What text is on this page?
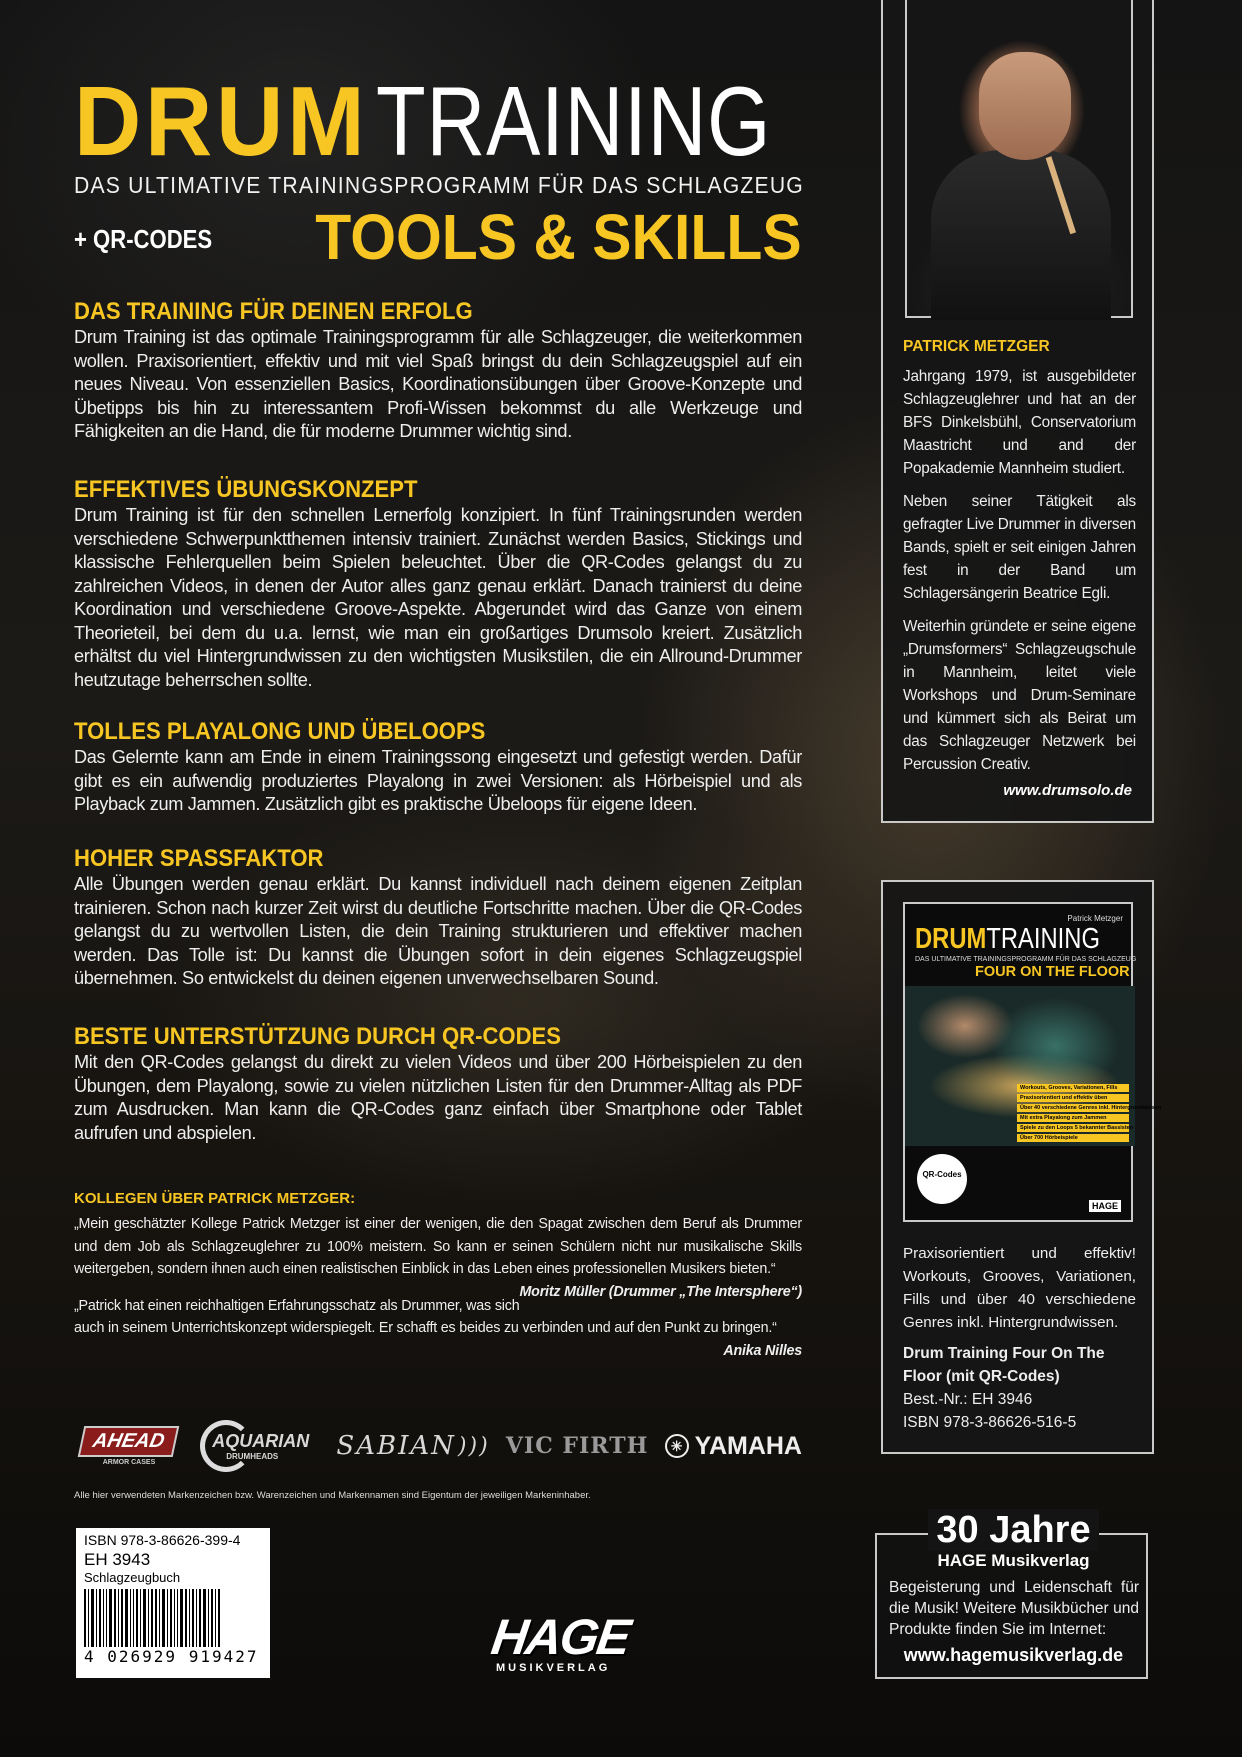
DRUMTRAINING
DAS ULTIMATIVE TRAININGSPROGRAMM FÜR DAS SCHLAGZEUG
+ QR-CODES TOOLS & SKILLS
DAS TRAINING FÜR DEINEN ERFOLG

Drum Training ist das optimale Trainingsprogramm für alle Schlagzeuger, die weiterkommen wollen. Praxisorientiert, effektiv und mit viel Spaß bringst du dein Schlagzeugspiel auf ein neues Niveau. Von essenziellen Basics, Koordinationsübungen über Groove-Konzepte und Übetipps bis hin zu interessantem Profi-Wissen bekommst du alle Werkzeuge und Fähigkeiten an die Hand, die für moderne Drummer wichtig sind.

EFFEKTIVES ÜBUNGSKONZEPT

Drum Training ist für den schnellen Lernerfolg konzipiert. In fünf Trainingsrunden werden verschiedene Schwerpunktthemen intensiv trainiert. Zunächst werden Basics, Stickings und klassische Fehlerquellen beim Spielen beleuchtet. Über die QR-Codes gelangst du zu zahlreichen Videos, in denen der Autor alles ganz genau erklärt. Danach trainierst du deine Koordination und verschiedene Groove-Aspekte. Abgerundet wird das Ganze von einem Theorieteil, bei dem du u.a. lernst, wie man ein großartiges Drumsolo kreiert. Zusätzlich erhältst du viel Hintergrundwissen zu den wichtigsten Musikstilen, die ein Allround-Drummer heutzutage beherrschen sollte.

TOLLES PLAYALONG UND ÜBELOOPS

Das Gelernte kann am Ende in einem Trainingssong eingesetzt und gefestigt werden. Dafür gibt es ein aufwendig produziertes Playalong in zwei Versionen: als Hörbeispiel und als Playback zum Jammen. Zusätzlich gibt es praktische Übeloops für eigene Ideen.

HOHER SPASSFAKTOR

Alle Übungen werden genau erklärt. Du kannst individuell nach deinem eigenen Zeitplan trainieren. Schon nach kurzer Zeit wirst du deutliche Fortschritte machen. Über die QR-Codes gelangst du zu wertvollen Listen, die dein Training strukturieren und effektiver machen werden. Das Tolle ist: Du kannst die Übungen sofort in dein eigenes Schlagzeugspiel übernehmen. So entwickelst du deinen eigenen unverwechselbaren Sound.

BESTE UNTERSTÜTZUNG DURCH QR-CODES

Mit den QR-Codes gelangst du direkt zu vielen Videos und über 200 Hörbeispielen zu den Übungen, dem Playalong, sowie zu vielen nützlichen Listen für den Drummer-Alltag als PDF zum Ausdrucken. Man kann die QR-Codes ganz einfach über Smartphone oder Tablet aufrufen und abspielen.

KOLLEGEN ÜBER PATRICK METZGER:
„Mein geschätzter Kollege Patrick Metzger ist einer der wenigen, die den Spagat zwischen dem Beruf als Drummer und dem Job als Schlagzeuglehrer zu 100% meistern. So kann er seinen Schülern nicht nur musikalische Skills weitergeben, sondern ihnen auch einen realistischen Einblick in das Leben eines professionellen Musikers bieten.“
Moritz Müller (Drummer „The Intersphere“)
„Patrick hat einen reichhaltigen Erfahrungsschatz als Drummer, was sich auch in seinem Unterrichtskonzept widerspiegelt. Er schafft es beides zu verbinden und auf den Punkt zu bringen.“
Anika Nilles
AHEAD
ARMOR CASES
AQUARIAN
DRUMHEADS SABIAN ))) VIC FIRTH	✳ YAMAHA
Alle hier verwendeten Markenzeichen bzw. Warenzeichen und Markennamen sind Eigentum der jeweiligen Markeninhaber.
ISBN 978-3-86626-399-4
EH 3943
Schlagzeugbuch
4 026929 919427	HAGE
MUSIKVERLAG
PATRICK METZGER

Jahrgang 1979, ist ausgebildeter Schlagzeuglehrer und hat an der BFS Dinkelsbühl, Conservatorium Maastricht und and der Popakademie Mannheim studiert.

Neben seiner Tätigkeit als gefragter Live Drummer in diversen Bands, spielt er seit einigen Jahren fest in der Band um Schlagersängerin Beatrice Egli.

Weiterhin gründete er seine eigene „Drumsformers“ Schlagzeugschule in Mannheim, leitet viele Workshops und Drum-Seminare und kümmert sich als Beirat um das Schlagzeuger Netzwerk bei Percussion Creativ.

www.drumsolo.de
Patrick Metzger
DRUMTRAINING
DAS ULTIMATIVE TRAININGSPROGRAMM FÜR DAS SCHLAGZEUG
FOUR ON THE FLOOR
Workouts, Grooves, Variationen, Fills
Praxisorientiert und effektiv üben
Über 40 verschiedene Genres inkl. Hintergrundwissen
Mit extra Playalong zum Jammen
Spiele zu den Loops 5 bekannter Bassisten
Über 700 Hörbeispiele
QR-Codes
HAGE
Praxisorientiert und effektiv! Workouts, Grooves, Variationen, Fills und über 40 verschiedene Genres inkl. Hintergrundwissen.
Drum Training Four On The Floor (mit QR-Codes)
Best.-Nr.: EH 3946
ISBN 978-3-86626-516-5
30 Jahre
HAGE Musikverlag
Begeisterung und Leidenschaft für die Musik! Weitere Musikbücher und Produkte finden Sie im Internet:
www.hagemusikverlag.de
